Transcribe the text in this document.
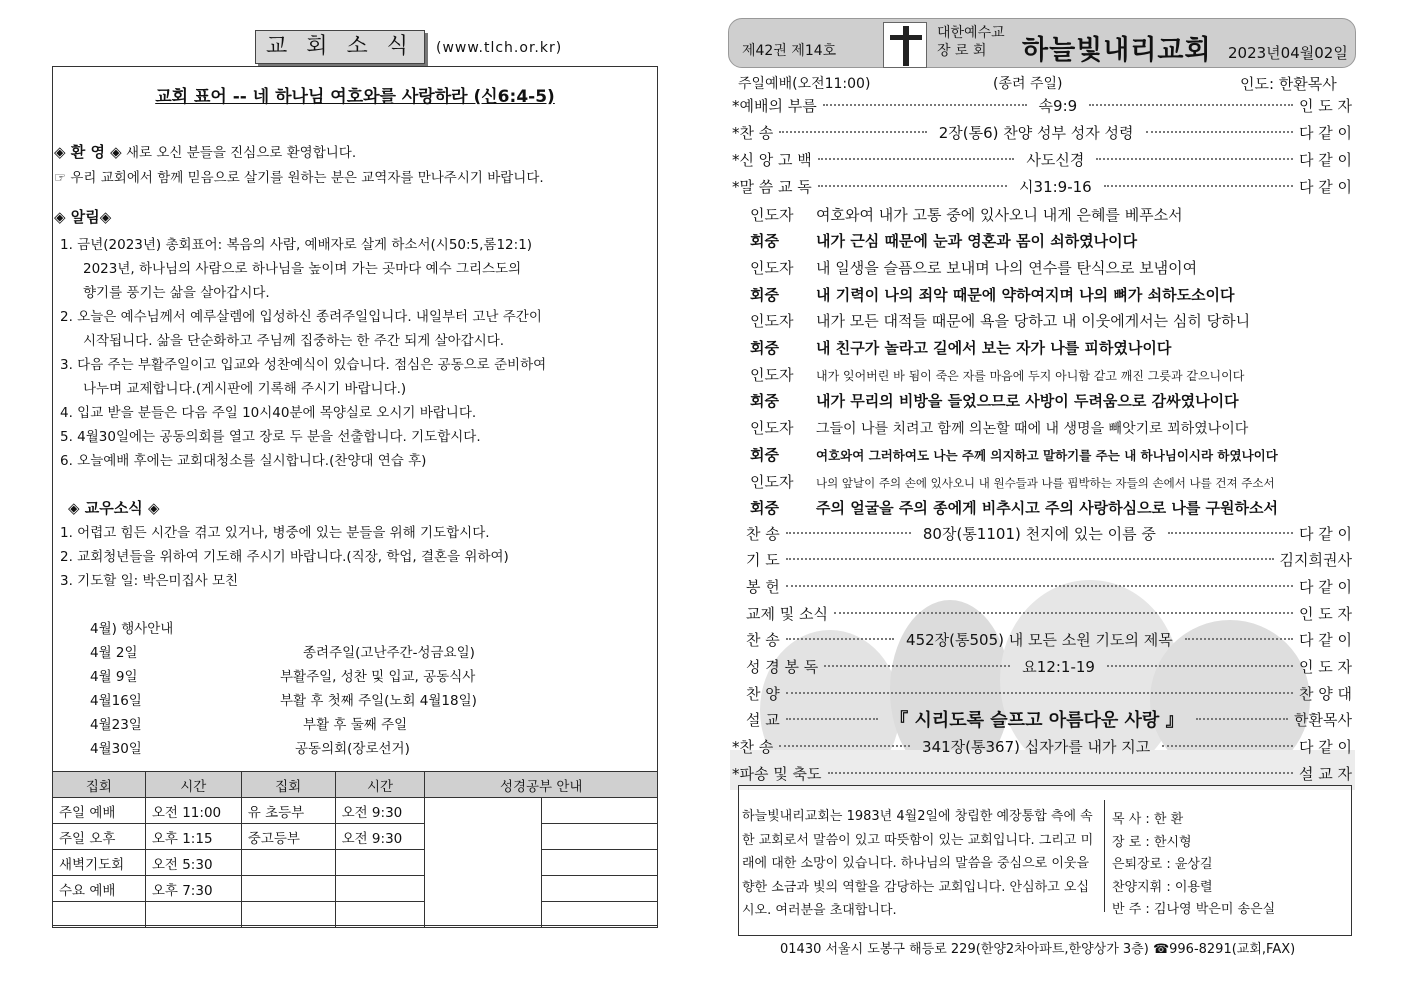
교 회 소 식	(www.tlch.or.kr)
교회 표어 -- 네 하나님 여호와를 사랑하라 (신6:4-5)
◈ 환 영 ◈ 새로 오신 분들을 진심으로 환영합니다.
☞ 우리 교회에서 함께 믿음으로 살기를 원하는 분은 교역자를 만나주시기 바랍니다.
◈ 알림◈
1. 금년(2023년) 총회표어: 복음의 사람, 예배자로 살게 하소서(시50:5,롬12:1)
2023년, 하나님의 사람으로 하나님을 높이며 가는 곳마다 예수 그리스도의
향기를 풍기는 삶을 살아갑시다.
2. 오늘은 예수님께서 예루살렘에 입성하신 종려주일입니다. 내일부터 고난 주간이
시작됩니다. 삶을 단순화하고 주님께 집중하는 한 주간 되게 살아갑시다.
3. 다음 주는 부활주일이고 입교와 성찬예식이 있습니다. 점심은 공동으로 준비하여
나누며 교제합니다.(게시판에 기록해 주시기 바랍니다.)
4. 입교 받을 분들은 다음 주일 10시40분에 목양실로 오시기 바랍니다.
5. 4월30일에는 공동의회를 열고 장로 두 분을 선출합니다. 기도합시다.
6. 오늘예배 후에는 교회대청소를 실시합니다.(찬양대 연습 후)
◈ 교우소식 ◈
1. 어렵고 힘든 시간을 겪고 있거나, 병중에 있는 분들을 위해 기도합시다.
2. 교회청년들을 위하여 기도해 주시기 바랍니다.(직장, 학업, 결혼을 위하여)
3. 기도할 일: 박은미집사 모친
4월) 행사안내
4월 2일	종려주일(고난주간-성금요일)
4월 9일	부활주일, 성찬 및 입교, 공동식사
4월16일	부활 후 첫째 주일(노회 4월18일)
4월23일	부활 후 둘째 주일
4월30일	공동의회(장로선거)
집회	시간	집회	시간	성경공부 안내	
주일 예배	오전 11:00	유 초등부	오전 9:30		
주일 오후	오후 1:15	중고등부	오전 9:30		
새벽기도회	오전 5:30				
수요 예배	오후 7:30				

제42권 제14호
대한예수교
장 로 회	하늘빛내리교회 2023년04월02일
주일예배(오전11:00)	(종려 주일)	인도: 한환목사
*예배의 부름	속9:9	인 도 자
*찬 송	2장(통6) 찬양 성부 성자 성령	다 같 이
*신 앙 고 백	사도신경	다 같 이
*말 씀 교 독	시31:9-16	다 같 이
인도자 여호와여 내가 고통 중에 있사오니 내게 은혜를 베푸소서
회중 내가 근심 때문에 눈과 영혼과 몸이 쇠하였나이다
인도자 내 일생을 슬픔으로 보내며 나의 연수를 탄식으로 보냄이여
회중 내 기력이 나의 죄악 때문에 약하여지며 나의 뼈가 쇠하도소이다
인도자 내가 모든 대적들 때문에 욕을 당하고 내 이웃에게서는 심히 당하니
회중 내 친구가 놀라고 길에서 보는 자가 나를 피하였나이다
인도자 내가 잊어버린 바 됨이 죽은 자를 마음에 두지 아니함 같고 깨진 그릇과 같으니이다
회중 내가 무리의 비방을 들었으므로 사방이 두려움으로 감싸였나이다
인도자 그들이 나를 치려고 함께 의논할 때에 내 생명을 빼앗기로 꾀하였나이다
회중	여호와여 그러하여도 나는 주께 의지하고 말하기를 주는 내 하나님이시라 하였나이다
인도자 나의 앞날이 주의 손에 있사오니 내 원수들과 나를 핍박하는 자들의 손에서 나를 건져 주소서
회중 주의 얼굴을 주의 종에게 비추시고 주의 사랑하심으로 나를 구원하소서
찬 송	80장(통1101) 천지에 있는 이름 중	다 같 이
기 도	김지희권사
봉 헌	다 같 이
교제 및 소식	인 도 자
찬 송	452장(통505) 내 모든 소원 기도의 제목	다 같 이
성 경 봉 독	요12:1-19	인 도 자
찬 양	찬 양 대
설 교	『 시리도록 슬프고 아름다운 사랑 』	한환목사
*찬 송	341장(통367) 십자가를 내가 지고	다 같 이
*파송 및 축도	설 교 자
하늘빛내리교회는 1983년 4월2일에 창립한 예장통합 측에 속한 교회로서 말씀이 있고 따뜻함이 있는 교회입니다. 그리고 미래에 대한 소망이 있습니다. 하나님의 말씀을 중심으로 이웃을 향한 소금과 빛의 역할을 감당하는 교회입니다. 안심하고 오십시오. 여러분을 초대합니다.
목 사 : 한 환
장 로 : 한시형
은퇴장로 : 윤상길
찬양지휘 : 이용렬
반 주 : 김나영 박은미 송은실
01430 서울시 도봉구 해등로 229(한양2차아파트,한양상가 3층) ☎996-8291(교회,FAX)
